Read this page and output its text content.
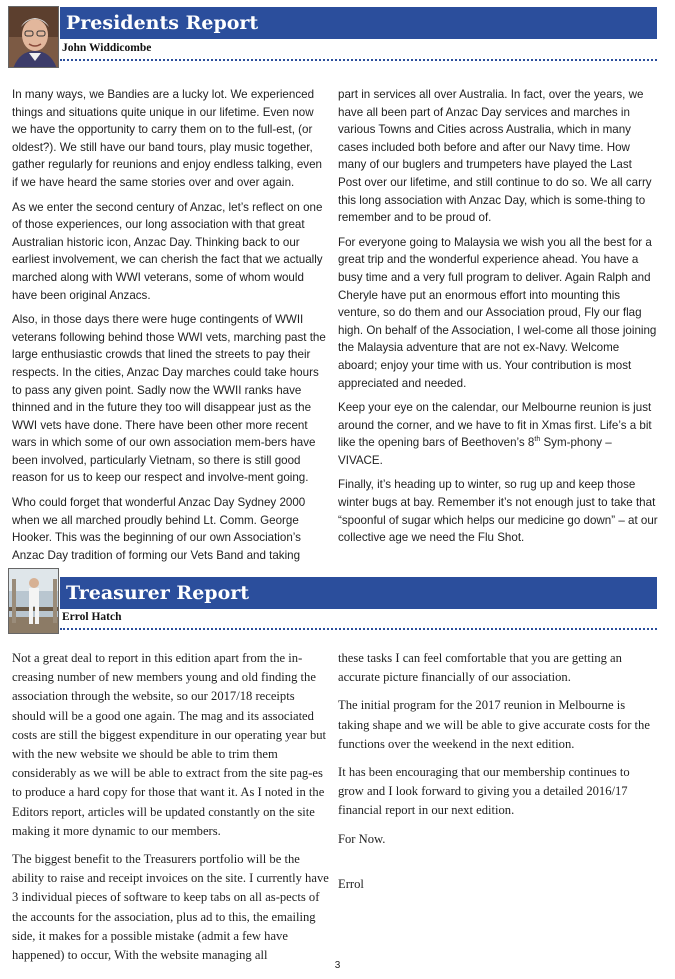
Presidents Report
John Widdicombe

In many ways, we Bandies are a lucky lot. We experienced things and situations quite unique in our lifetime. Even now we have the opportunity to carry them on to the full-est, (or oldest?). We still have our band tours, play music together, gather regularly for reunions and enjoy endless talking, even if we have heard the same stories over and over again.

As we enter the second century of Anzac, let’s reflect on one of those experiences, our long association with that great Australian historic icon, Anzac Day. Thinking back to our earliest involvement, we can cherish the fact that we actually marched along with WWI veterans, some of whom would have been original Anzacs.

Also, in those days there were huge contingents of WWII veterans following behind those WWI vets, marching past the large enthusiastic crowds that lined the streets to pay their respects. In the cities, Anzac Day marches could take hours to pass any given point. Sadly now the WWII ranks have thinned and in the future they too will disappear just as the WWI vets have done. There have been other more recent wars in which some of our own association mem-bers have been involved, particularly Vietnam, so there is still good reason for us to keep our respect and involve-ment going.

Who could forget that wonderful Anzac Day Sydney 2000 when we all marched proudly behind Lt. Comm. George Hooker. This was the beginning of our own Association’s Anzac Day tradition of forming our Vets Band and taking

part in services all over Australia. In fact, over the years, we have all been part of Anzac Day services and marches in various Towns and Cities across Australia, which in many cases included both before and after our Navy time. How many of our buglers and trumpeters have played the Last Post over our lifetime, and still continue to do so. We all carry this long association with Anzac Day, which is some-thing to remember and to be proud of.

For everyone going to Malaysia we wish you all the best for a great trip and the wonderful experience ahead. You have a busy time and a very full program to deliver. Again Ralph and Cheryle have put an enormous effort into mounting this venture, so do them and our Association proud, Fly our flag high. On behalf of the Association, I wel-come all those joining the Malaysia adventure that are not ex-Navy. Welcome aboard; enjoy your time with us. Your contribution is most appreciated and needed.

Keep your eye on the calendar, our Melbourne reunion is just around the corner, and we have to fit in Xmas first. Life’s a bit like the opening bars of Beethoven’s 8th Sym-phony – VIVACE.

Finally, it’s heading up to winter, so rug up and keep those winter bugs at bay. Remember it’s not enough just to take that “spoonful of sugar which helps our medicine go down” – at our collective age we need the Flu Shot.

Treasurer Report
Errol Hatch

Not a great deal to report in this edition apart from the in-creasing number of new members young and old finding the association through the website, so our 2017/18 receipts should will be a good one again. The mag and its associated costs are still the biggest expenditure in our operating year but with the new website we should be able to trim them considerably as we will be able to extract from the site pag-es to produce a hard copy for those that want it. As I noted in the Editors report, articles will be updated constantly on the site making it more dynamic to our members.

The biggest benefit to the Treasurers portfolio will be the ability to raise and receipt invoices on the site. I currently have 3 individual pieces of software to keep tabs on all as-pects of the accounts for the association, plus ad to this, the emailing side, it makes for a possible mistake (admit a few have happened) to occur, With the website managing all

these tasks I can feel comfortable that you are getting an accurate picture financially of our association.

The initial program for the 2017 reunion in Melbourne is taking shape and we will be able to give accurate costs for the functions over the weekend in the next edition.

It has been encouraging that our membership continues to grow and I look forward to giving you a detailed 2016/17 financial report in our next edition.

For Now.

Errol

3
